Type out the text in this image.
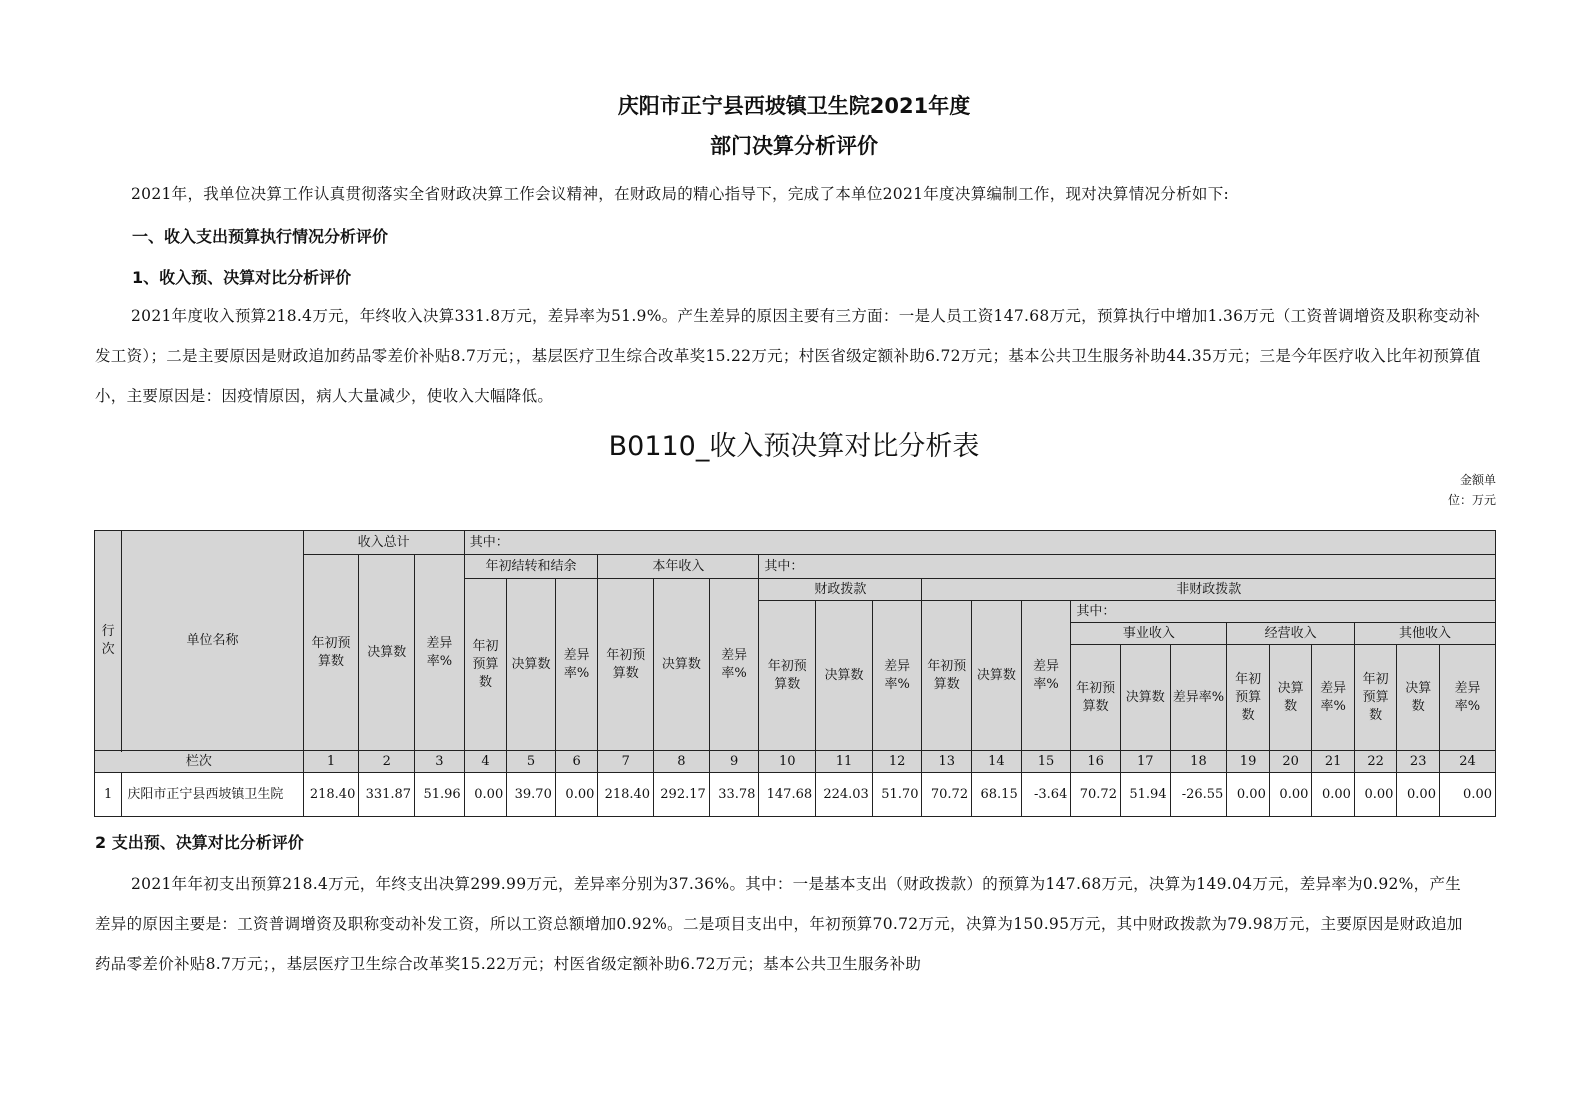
庆阳市正宁县西坡镇卫生院2021年度
部门决算分析评价
2021年，我单位决算工作认真贯彻落实全省财政决算工作会议精神，在财政局的精心指导下，完成了本单位2021年度决算编制工作，现对决算情况分析如下:
一、收入支出预算执行情况分析评价
1、收入预、决算对比分析评价
2021年度收入预算218.4万元，年终收入决算331.8万元，差异率为51.9%。产生差异的原因主要有三方面：一是人员工资147.68万元，预算执行中增加1.36万元（工资普调增资及职称变动补发工资）；二是主要原因是财政追加药品零差价补贴8.7万元；，基层医疗卫生综合改革奖15.22万元；村医省级定额补助6.72万元；基本公共卫生服务补助44.35万元；三是今年医疗收入比年初预算值小，主要原因是：因疫情原因，病人大量减少，使收入大幅降低。
B0110_收入预决算对比分析表
金额单位：万元
行次	单位名称	收入总计			其中：																				
		年初预算数	决算数	差异率%	年初结转和结余			本年收入			其中：														
					年初预算数	决算数	差异率%	年初预算数	决算数	差异率%	财政拨款			非财政拨款											
											年初预算数	决算数	差异率%	年初预算数	决算数	差异率%	其中：								
																	事业收入			经营收入			其他收入		
																	年初预算数	决算数	差异率%	年初预算数	决算数	差异率%	年初预算数	决算数	差异率%

栏次		1	2	3	4	5	6	7	8	9	10	11	12	13	14	15	16	17	18	19	20	21	22	23	24
1	庆阳市正宁县西坡镇卫生院	218.40	331.87	51.96	0.00	39.70	0.00	218.40	292.17	33.78	147.68	224.03	51.70	70.72	68.15	-3.64	70.72	51.94	-26.55	0.00	0.00	0.00	0.00	0.00	0.00
2 支出预、决算对比分析评价
2021年年初支出预算218.4万元，年终支出决算299.99万元，差异率分别为37.36%。其中：一是基本支出（财政拨款）的预算为147.68万元，决算为149.04万元，差异率为0.92%，产生差异的原因主要是：工资普调增资及职称变动补发工资，所以工资总额增加0.92%。二是项目支出中，年初预算70.72万元，决算为150.95万元，其中财政拨款为79.98万元，主要原因是财政追加药品零差价补贴8.7万元；，基层医疗卫生综合改革奖15.22万元；村医省级定额补助6.72万元；基本公共卫生服务补助
